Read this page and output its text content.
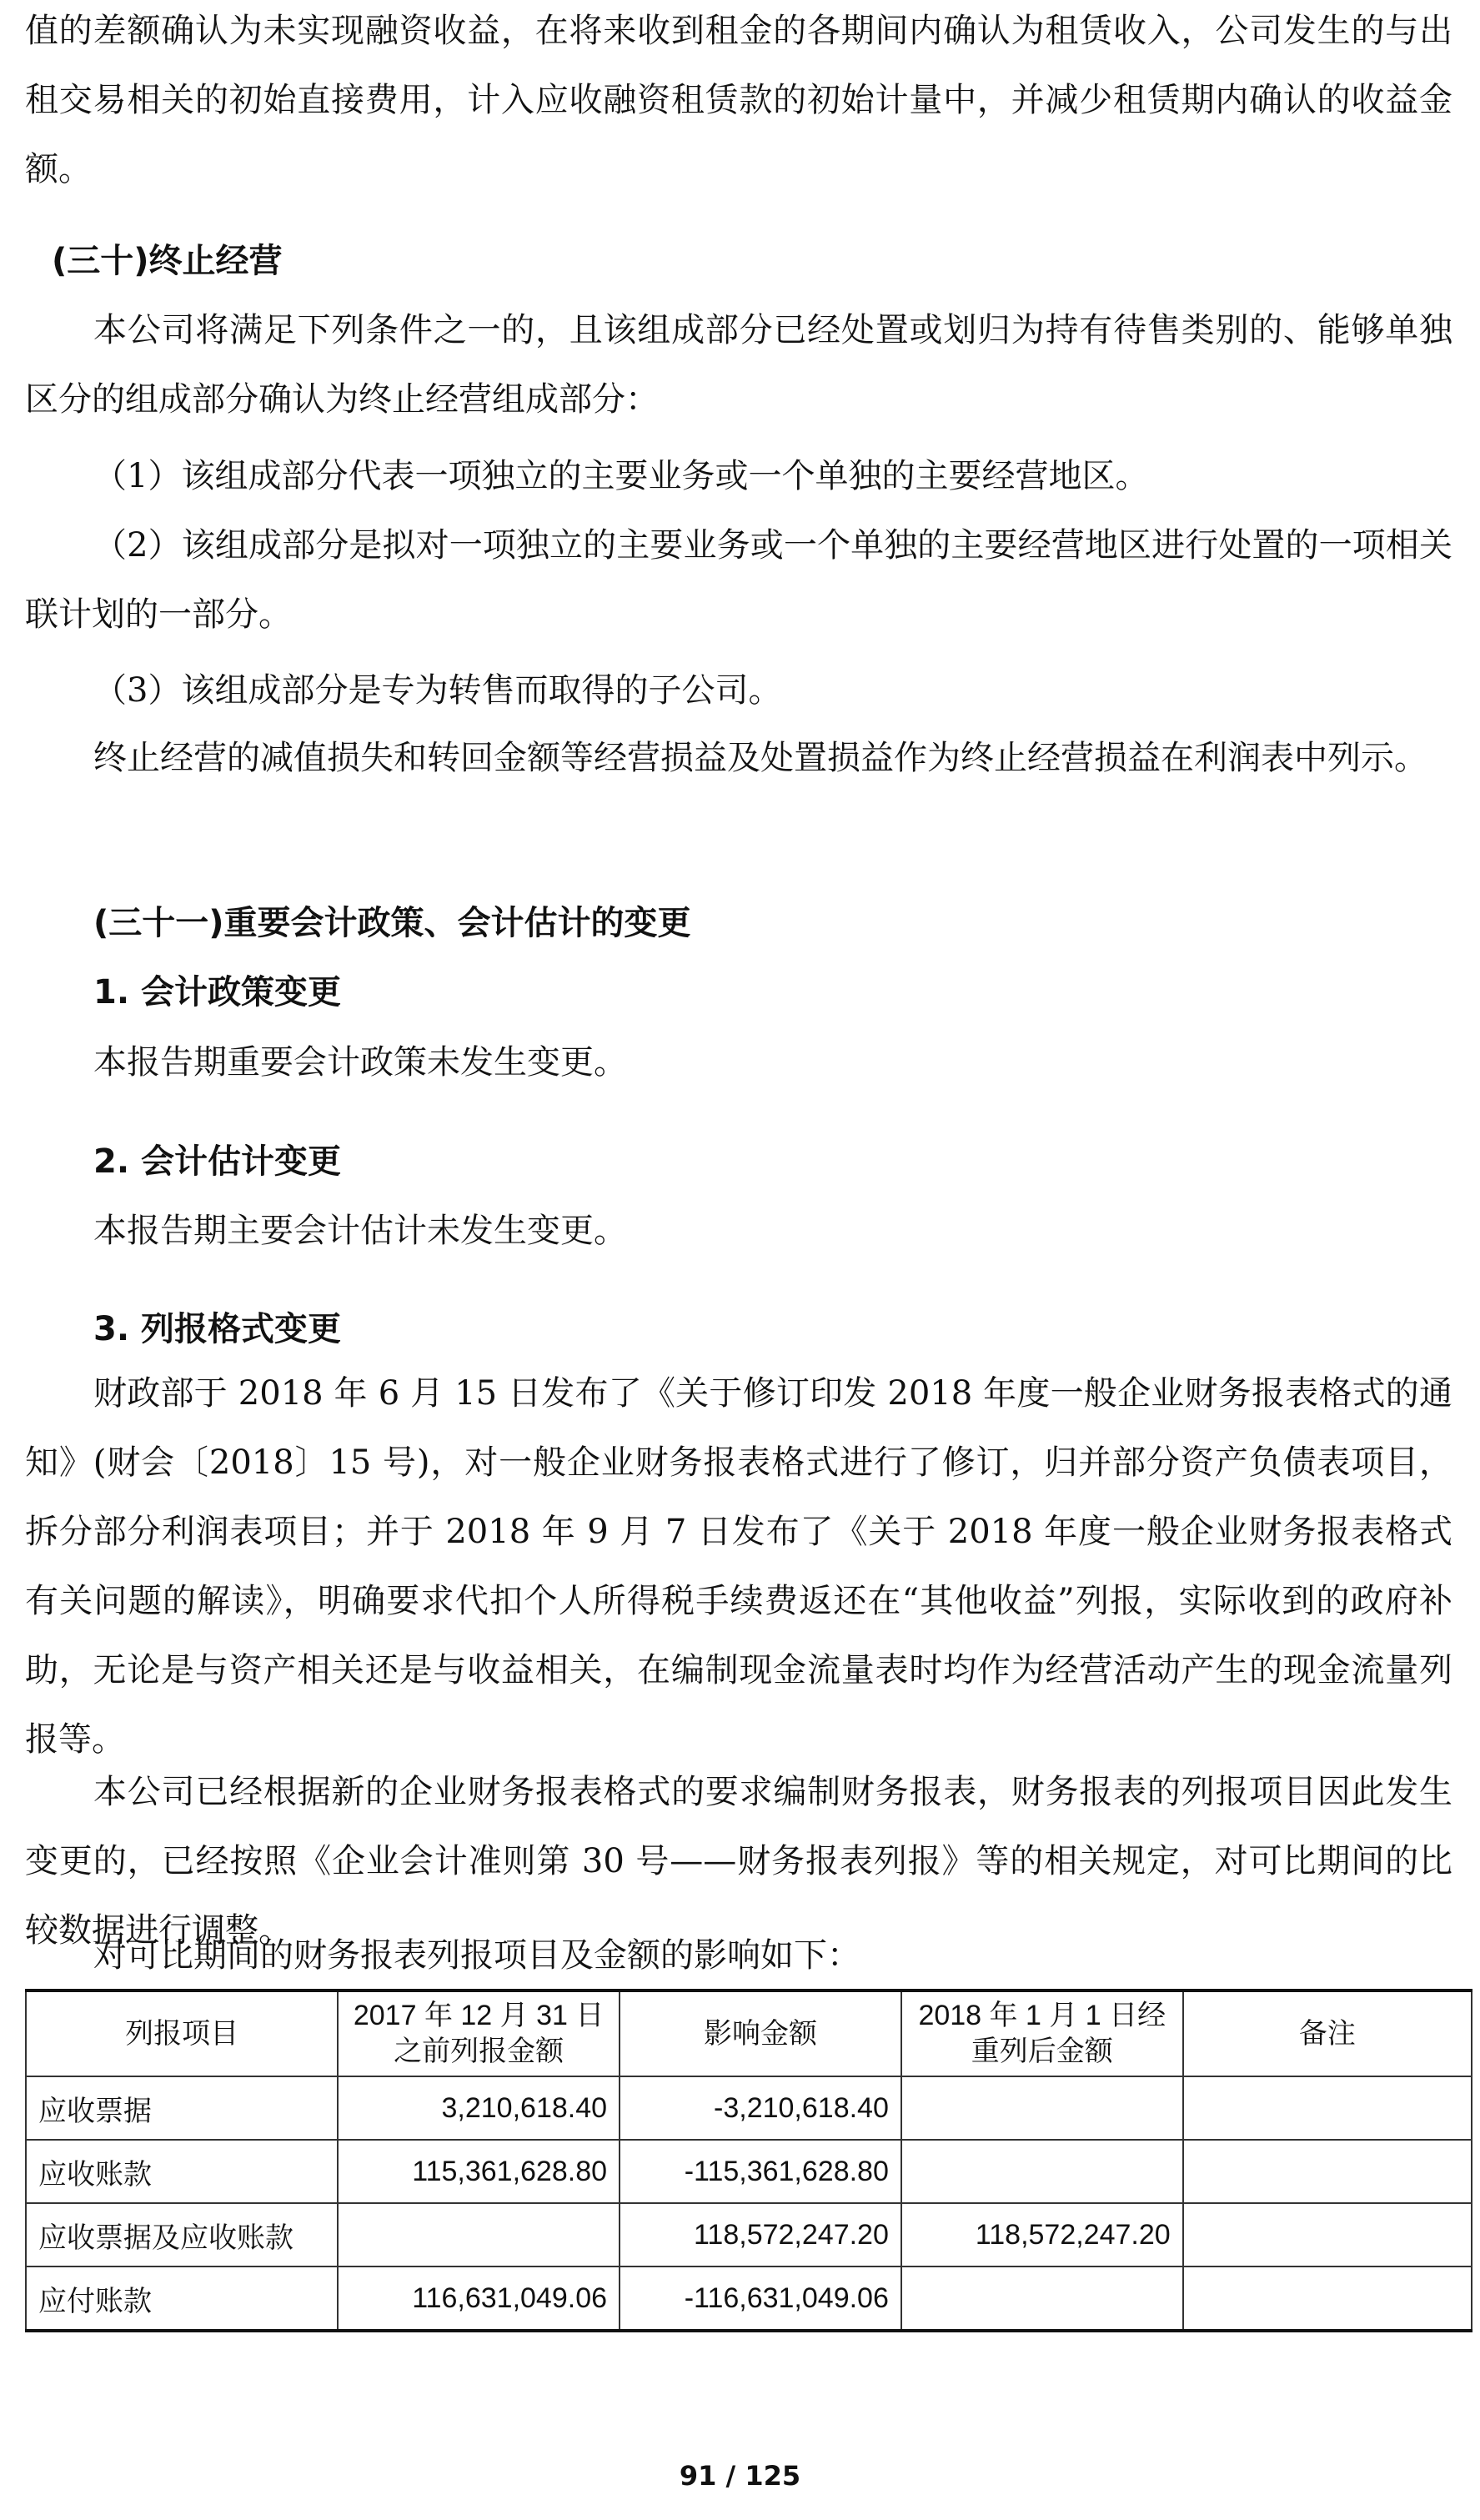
值的差额确认为未实现融资收益，在将来收到租金的各期间内确认为租赁收入，公司发生的与出租交易相关的初始直接费用，计入应收融资租赁款的初始计量中，并减少租赁期内确认的收益金额。

(三十)终止经营

本公司将满足下列条件之一的，且该组成部分已经处置或划归为持有待售类别的、能够单独区分的组成部分确认为终止经营组成部分：

（1）该组成部分代表一项独立的主要业务或一个单独的主要经营地区。

（2）该组成部分是拟对一项独立的主要业务或一个单独的主要经营地区进行处置的一项相关联计划的一部分。

（3）该组成部分是专为转售而取得的子公司。

终止经营的减值损失和转回金额等经营损益及处置损益作为终止经营损益在利润表中列示。

(三十一)重要会计政策、会计估计的变更
1. 会计政策变更
本报告期重要会计政策未发生变更。
2. 会计估计变更
本报告期主要会计估计未发生变更。
3. 列报格式变更

财政部于 2018 年 6 月 15 日发布了《关于修订印发 2018 年度一般企业财务报表格式的通知》(财会〔2018〕15 号)，对一般企业财务报表格式进行了修订，归并部分资产负债表项目，拆分部分利润表项目；并于 2018 年 9 月 7 日发布了《关于 2018 年度一般企业财务报表格式有关问题的解读》，明确要求代扣个人所得税手续费返还在“其他收益”列报，实际收到的政府补助，无论是与资产相关还是与收益相关，在编制现金流量表时均作为经营活动产生的现金流量列报等。

本公司已经根据新的企业财务报表格式的要求编制财务报表，财务报表的列报项目因此发生变更的，已经按照《企业会计准则第 30 号——财务报表列报》等的相关规定，对可比期间的比较数据进行调整。

对可比期间的财务报表列报项目及金额的影响如下：
列报项目	2017 年 12 月 31 日之前列报金额	影响金额	2018 年 1 月 1 日经重列后金额	备注
应收票据	3,210,618.40	-3,210,618.40		
应收账款	115,361,628.80	-115,361,628.80		
应收票据及应收账款		118,572,247.20	118,572,247.20	
应付账款	116,631,049.06	-116,631,049.06		
91 / 125
